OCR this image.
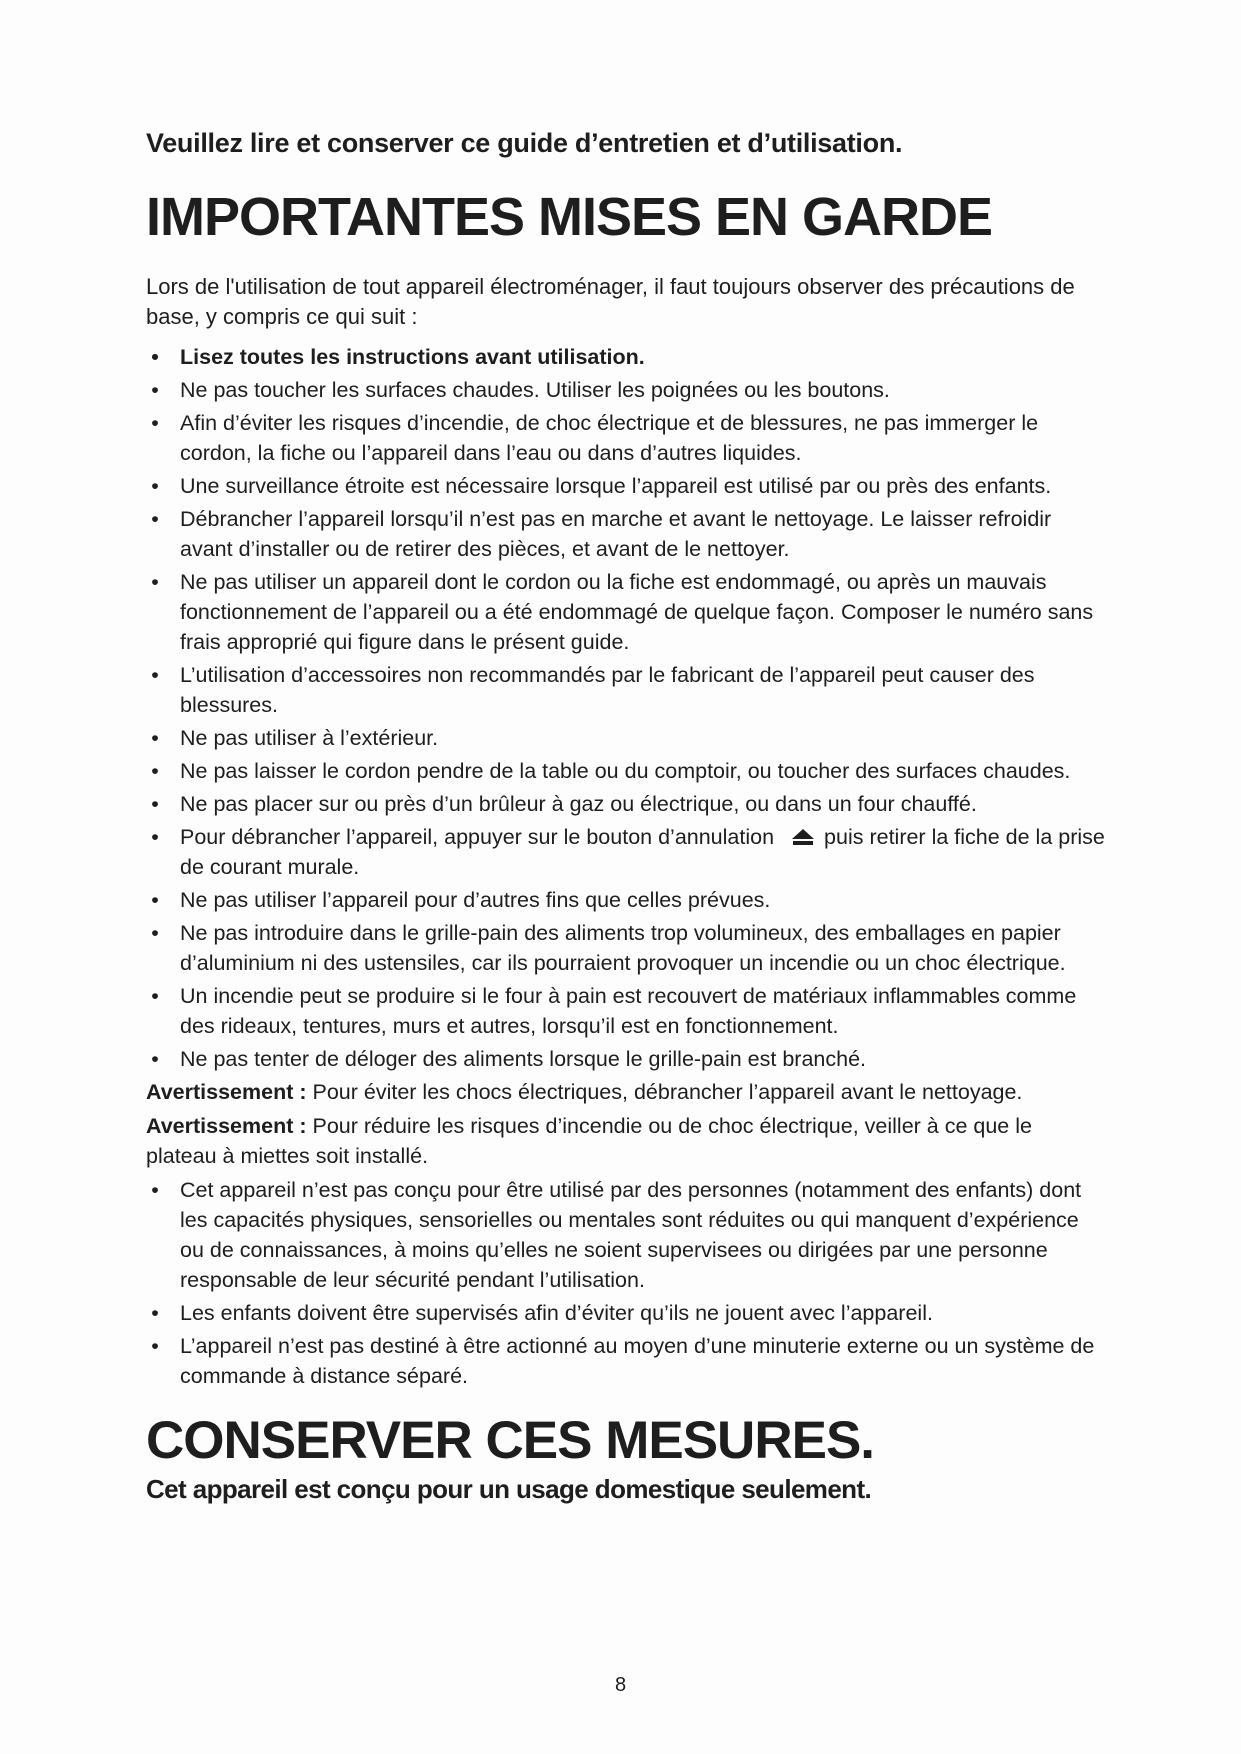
Veuillez lire et conserver ce guide d’entretien et d’utilisation.
IMPORTANTES MISES EN GARDE

Lors de l'utilisation de tout appareil électroménager, il faut toujours observer des précautions de base, y compris ce qui suit :

• Lisez toutes les instructions avant utilisation.
• Ne pas toucher les surfaces chaudes. Utiliser les poignées ou les boutons.
• Afin d’éviter les risques d’incendie, de choc électrique et de blessures, ne pas immerger le cordon, la fiche ou l’appareil dans l’eau ou dans d’autres liquides.
• Une surveillance étroite est nécessaire lorsque l’appareil est utilisé par ou près des enfants.
• Débrancher l’appareil lorsqu’il n’est pas en marche et avant le nettoyage. Le laisser refroidir avant d’installer ou de retirer des pièces, et avant de le nettoyer.
• Ne pas utiliser un appareil dont le cordon ou la fiche est endommagé, ou après un mauvais fonctionnement de l’appareil ou a été endommagé de quelque façon. Composer le numéro sans frais approprié qui figure dans le présent guide.
• L’utilisation d’accessoires non recommandés par le fabricant de l’appareil peut causer des blessures.
• Ne pas utiliser à l’extérieur.
• Ne pas laisser le cordon pendre de la table ou du comptoir, ou toucher des surfaces chaudes.
• Ne pas placer sur ou près d’un brûleur à gaz ou électrique, ou dans un four chauffé.
• Pour débrancher l’appareil, appuyer sur le bouton d’annulation puis retirer la fiche de la prise de courant murale.
• Ne pas utiliser l’appareil pour d’autres fins que celles prévues.
• Ne pas introduire dans le grille-pain des aliments trop volumineux, des emballages en papier d’aluminium ni des ustensiles, car ils pourraient provoquer un incendie ou un choc électrique.
• Un incendie peut se produire si le four à pain est recouvert de matériaux inflammables comme des rideaux, tentures, murs et autres, lorsqu’il est en fonctionnement.
• Ne pas tenter de déloger des aliments lorsque le grille-pain est branché.

Avertissement : Pour éviter les chocs électriques, débrancher l’appareil avant le nettoyage.

Avertissement : Pour réduire les risques d’incendie ou de choc électrique, veiller à ce que le plateau à miettes soit installé.

• Cet appareil n’est pas conçu pour être utilisé par des personnes (notamment des enfants) dont les capacités physiques, sensorielles ou mentales sont réduites ou qui manquent d’expérience ou de connaissances, à moins qu’elles ne soient supervisees ou dirigées par une personne responsable de leur sécurité pendant l’utilisation.
• Les enfants doivent être supervisés afin d’éviter qu’ils ne jouent avec l’appareil.
• L’appareil n’est pas destiné à être actionné au moyen d’une minuterie externe ou un système de commande à distance séparé.
CONSERVER CES MESURES.

Cet appareil est conçu pour un usage domestique seulement.

8
